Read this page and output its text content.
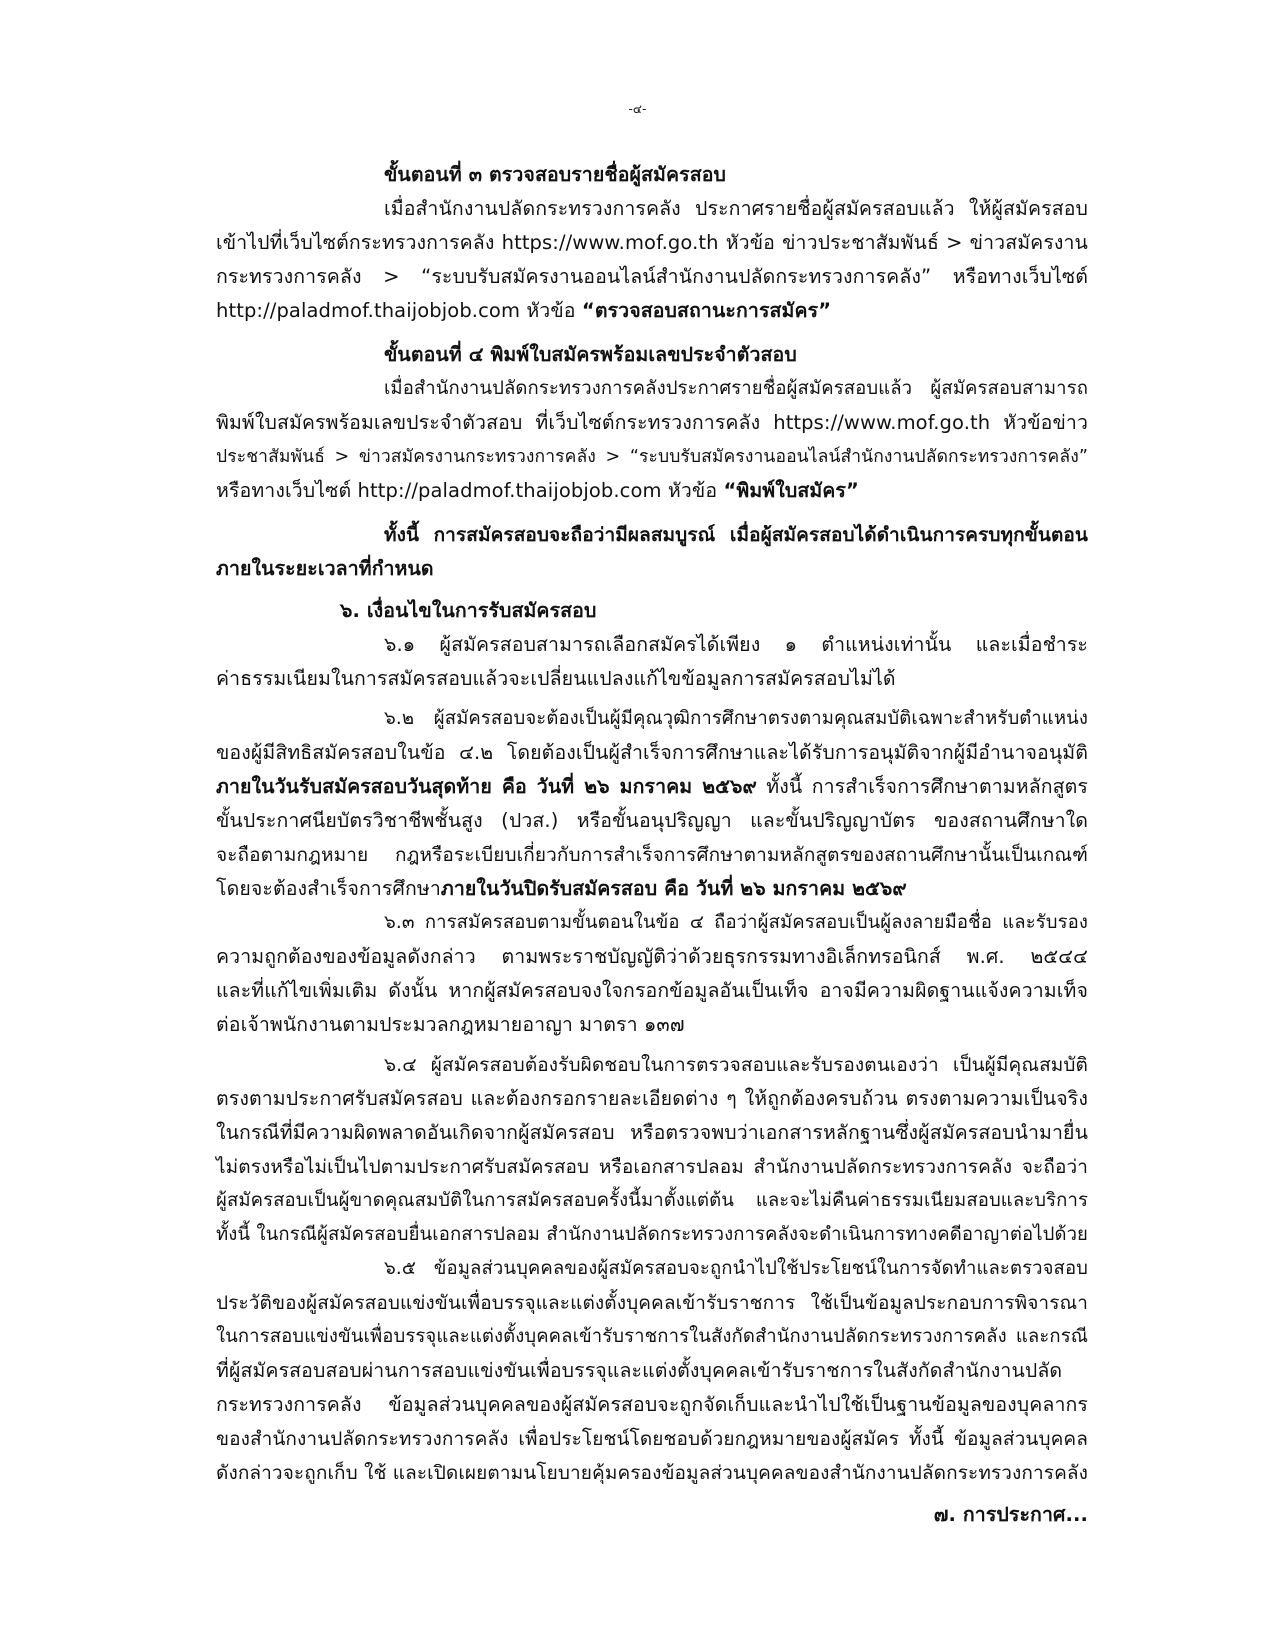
-๔-
ขั้นตอนที่ ๓ ตรวจสอบรายชื่อผู้สมัครสอบ
เมื่อสำนักงานปลัดกระทรวงการคลัง ประกาศรายชื่อผู้สมัครสอบแล้ว ให้ผู้สมัครสอบ
เข้าไปที่เว็บไซต์กระทรวงการคลัง https://www.mof.go.th หัวข้อ ข่าวประชาสัมพันธ์ > ข่าวสมัครงาน
กระทรวงการคลัง > “ระบบรับสมัครงานออนไลน์สำนักงานปลัดกระทรวงการคลัง” หรือทางเว็บไซต์
http://paladmof.thaijobjob.com หัวข้อ “ตรวจสอบสถานะการสมัคร”
ขั้นตอนที่ ๔ พิมพ์ใบสมัครพร้อมเลขประจำตัวสอบ
เมื่อสำนักงานปลัดกระทรวงการคลังประกาศรายชื่อผู้สมัครสอบแล้ว ผู้สมัครสอบสามารถ
พิมพ์ใบสมัครพร้อมเลขประจำตัวสอบ ที่เว็บไซต์กระทรวงการคลัง https://www.mof.go.th หัวข้อข่าว
ประชาสัมพันธ์ > ข่าวสมัครงานกระทรวงการคลัง > “ระบบรับสมัครงานออนไลน์สำนักงานปลัดกระทรวงการคลัง”
หรือทางเว็บไซต์ http://paladmof.thaijobjob.com หัวข้อ “พิมพ์ใบสมัคร”
ทั้งนี้ การสมัครสอบจะถือว่ามีผลสมบูรณ์ เมื่อผู้สมัครสอบได้ดำเนินการครบทุกขั้นตอน
ภายในระยะเวลาที่กำหนด
๖. เงื่อนไขในการรับสมัครสอบ
๖.๑ ผู้สมัครสอบสามารถเลือกสมัครได้เพียง ๑ ตำแหน่งเท่านั้น และเมื่อชำระ
ค่าธรรมเนียมในการสมัครสอบแล้วจะเปลี่ยนแปลงแก้ไขข้อมูลการสมัครสอบไม่ได้
๖.๒ ผู้สมัครสอบจะต้องเป็นผู้มีคุณวุฒิการศึกษาตรงตามคุณสมบัติเฉพาะสำหรับตำแหน่ง
ของผู้มีสิทธิสมัครสอบในข้อ ๔.๒ โดยต้องเป็นผู้สำเร็จการศึกษาและได้รับการอนุมัติจากผู้มีอำนาจอนุมัติ
ภายในวันรับสมัครสอบวันสุดท้าย คือ วันที่ ๒๖ มกราคม ๒๕๖๙ ทั้งนี้ การสำเร็จการศึกษาตามหลักสูตร
ขั้นประกาศนียบัตรวิชาชีพชั้นสูง (ปวส.) หรือขั้นอนุปริญญา และขั้นปริญญาบัตร ของสถานศึกษาใด
จะถือตามกฎหมาย กฎหรือระเบียบเกี่ยวกับการสำเร็จการศึกษาตามหลักสูตรของสถานศึกษานั้นเป็นเกณฑ์
โดยจะต้องสำเร็จการศึกษาภายในวันปิดรับสมัครสอบ คือ วันที่ ๒๖ มกราคม ๒๕๖๙
๖.๓ การสมัครสอบตามขั้นตอนในข้อ ๔ ถือว่าผู้สมัครสอบเป็นผู้ลงลายมือชื่อ และรับรอง
ความถูกต้องของข้อมูลดังกล่าว ตามพระราชบัญญัติว่าด้วยธุรกรรมทางอิเล็กทรอนิกส์ พ.ศ. ๒๕๔๔
และที่แก้ไขเพิ่มเติม ดังนั้น หากผู้สมัครสอบจงใจกรอกข้อมูลอันเป็นเท็จ อาจมีความผิดฐานแจ้งความเท็จ
ต่อเจ้าพนักงานตามประมวลกฎหมายอาญา มาตรา ๑๓๗
๖.๔ ผู้สมัครสอบต้องรับผิดชอบในการตรวจสอบและรับรองตนเองว่า เป็นผู้มีคุณสมบัติ
ตรงตามประกาศรับสมัครสอบ และต้องกรอกรายละเอียดต่าง ๆ ให้ถูกต้องครบถ้วน ตรงตามความเป็นจริง
ในกรณีที่มีความผิดพลาดอันเกิดจากผู้สมัครสอบ หรือตรวจพบว่าเอกสารหลักฐานซึ่งผู้สมัครสอบนำมายื่น
ไม่ตรงหรือไม่เป็นไปตามประกาศรับสมัครสอบ หรือเอกสารปลอม สำนักงานปลัดกระทรวงการคลัง จะถือว่า
ผู้สมัครสอบเป็นผู้ขาดคุณสมบัติในการสมัครสอบครั้งนี้มาตั้งแต่ต้น และจะไม่คืนค่าธรรมเนียมสอบและบริการ
ทั้งนี้ ในกรณีผู้สมัครสอบยื่นเอกสารปลอม สำนักงานปลัดกระทรวงการคลังจะดำเนินการทางคดีอาญาต่อไปด้วย
๖.๕ ข้อมูลส่วนบุคคลของผู้สมัครสอบจะถูกนำไปใช้ประโยชน์ในการจัดทำและตรวจสอบ
ประวัติของผู้สมัครสอบแข่งขันเพื่อบรรจุและแต่งตั้งบุคคลเข้ารับราชการ ใช้เป็นข้อมูลประกอบการพิจารณา
ในการสอบแข่งขันเพื่อบรรจุและแต่งตั้งบุคคลเข้ารับราชการในสังกัดสำนักงานปลัดกระทรวงการคลัง และกรณี
ที่ผู้สมัครสอบสอบผ่านการสอบแข่งขันเพื่อบรรจุและแต่งตั้งบุคคลเข้ารับราชการในสังกัดสำนักงานปลัด
กระทรวงการคลัง ข้อมูลส่วนบุคคลของผู้สมัครสอบจะถูกจัดเก็บและนำไปใช้เป็นฐานข้อมูลของบุคลากร
ของสำนักงานปลัดกระทรวงการคลัง เพื่อประโยชน์โดยชอบด้วยกฎหมายของผู้สมัคร ทั้งนี้ ข้อมูลส่วนบุคคล
ดังกล่าวจะถูกเก็บ ใช้ และเปิดเผยตามนโยบายคุ้มครองข้อมูลส่วนบุคคลของสำนักงานปลัดกระทรวงการคลัง
๗. การประกาศ...
